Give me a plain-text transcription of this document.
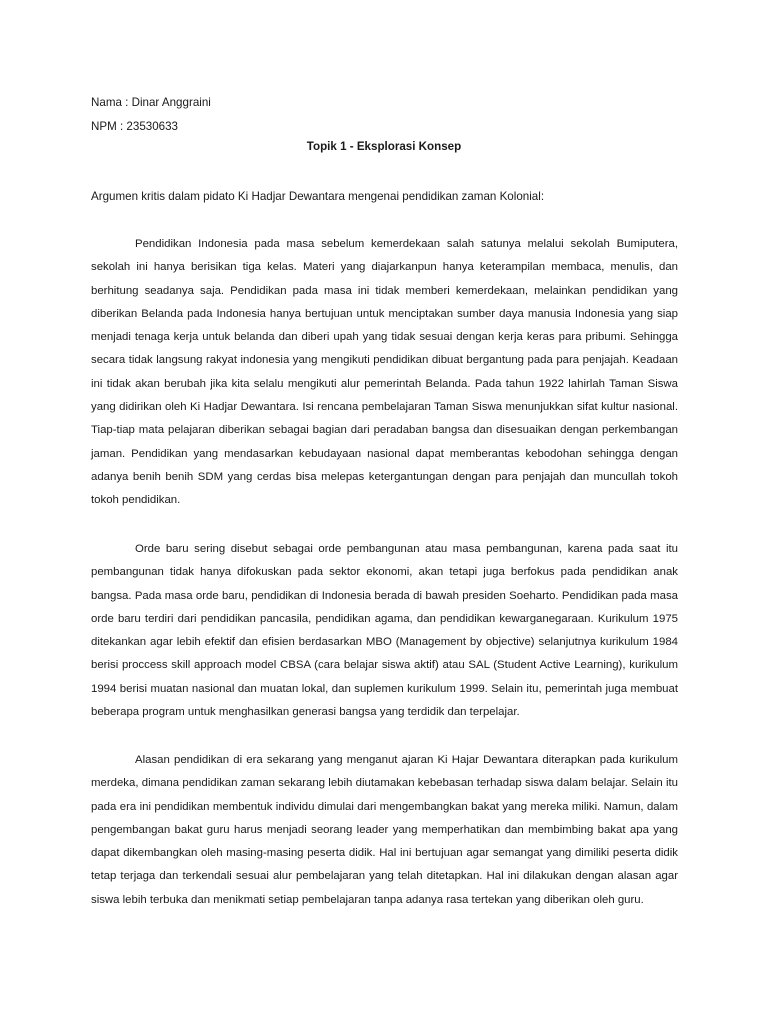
Nama : Dinar Anggraini
NPM : 23530633
Topik 1 - Eksplorasi Konsep
Argumen kritis dalam pidato Ki Hadjar Dewantara mengenai pendidikan zaman Kolonial:

Pendidikan Indonesia pada masa sebelum kemerdekaan salah satunya melalui sekolah Bumiputera, sekolah ini hanya berisikan tiga kelas. Materi yang diajarkanpun hanya keterampilan membaca, menulis, dan berhitung seadanya saja. Pendidikan pada masa ini tidak memberi kemerdekaan, melainkan pendidikan yang diberikan Belanda pada Indonesia hanya bertujuan untuk menciptakan sumber daya manusia Indonesia yang siap menjadi tenaga kerja untuk belanda dan diberi upah yang tidak sesuai dengan kerja keras para pribumi. Sehingga secara tidak langsung rakyat indonesia yang mengikuti pendidikan dibuat bergantung pada para penjajah. Keadaan ini tidak akan berubah jika kita selalu mengikuti alur pemerintah Belanda. Pada tahun 1922 lahirlah Taman Siswa yang didirikan oleh Ki Hadjar Dewantara. Isi rencana pembelajaran Taman Siswa menunjukkan sifat kultur nasional. Tiap-tiap mata pelajaran diberikan sebagai bagian dari peradaban bangsa dan disesuaikan dengan perkembangan jaman. Pendidikan yang mendasarkan kebudayaan nasional dapat memberantas kebodohan sehingga dengan adanya benih benih SDM yang cerdas bisa melepas ketergantungan dengan para penjajah dan muncullah tokoh tokoh pendidikan.

Orde baru sering disebut sebagai orde pembangunan atau masa pembangunan, karena pada saat itu pembangunan tidak hanya difokuskan pada sektor ekonomi, akan tetapi juga berfokus pada pendidikan anak bangsa. Pada masa orde baru, pendidikan di Indonesia berada di bawah presiden Soeharto. Pendidikan pada masa orde baru terdiri dari pendidikan pancasila, pendidikan agama, dan pendidikan kewarganegaraan. Kurikulum 1975 ditekankan agar lebih efektif dan efisien berdasarkan MBO (Management by objective) selanjutnya kurikulum 1984 berisi proccess skill approach model CBSA (cara belajar siswa aktif) atau SAL (Student Active Learning), kurikulum 1994 berisi muatan nasional dan muatan lokal, dan suplemen kurikulum 1999. Selain itu, pemerintah juga membuat beberapa program untuk menghasilkan generasi bangsa yang terdidik dan terpelajar.

Alasan pendidikan di era sekarang yang menganut ajaran Ki Hajar Dewantara diterapkan pada kurikulum merdeka, dimana pendidikan zaman sekarang lebih diutamakan kebebasan terhadap siswa dalam belajar. Selain itu pada era ini pendidikan membentuk individu dimulai dari mengembangkan bakat yang mereka miliki. Namun, dalam pengembangan bakat guru harus menjadi seorang leader yang memperhatikan dan membimbing bakat apa yang dapat dikembangkan oleh masing-masing peserta didik. Hal ini bertujuan agar semangat yang dimiliki peserta didik tetap terjaga dan terkendali sesuai alur pembelajaran yang telah ditetapkan. Hal ini dilakukan dengan alasan agar siswa lebih terbuka dan menikmati setiap pembelajaran tanpa adanya rasa tertekan yang diberikan oleh guru.
